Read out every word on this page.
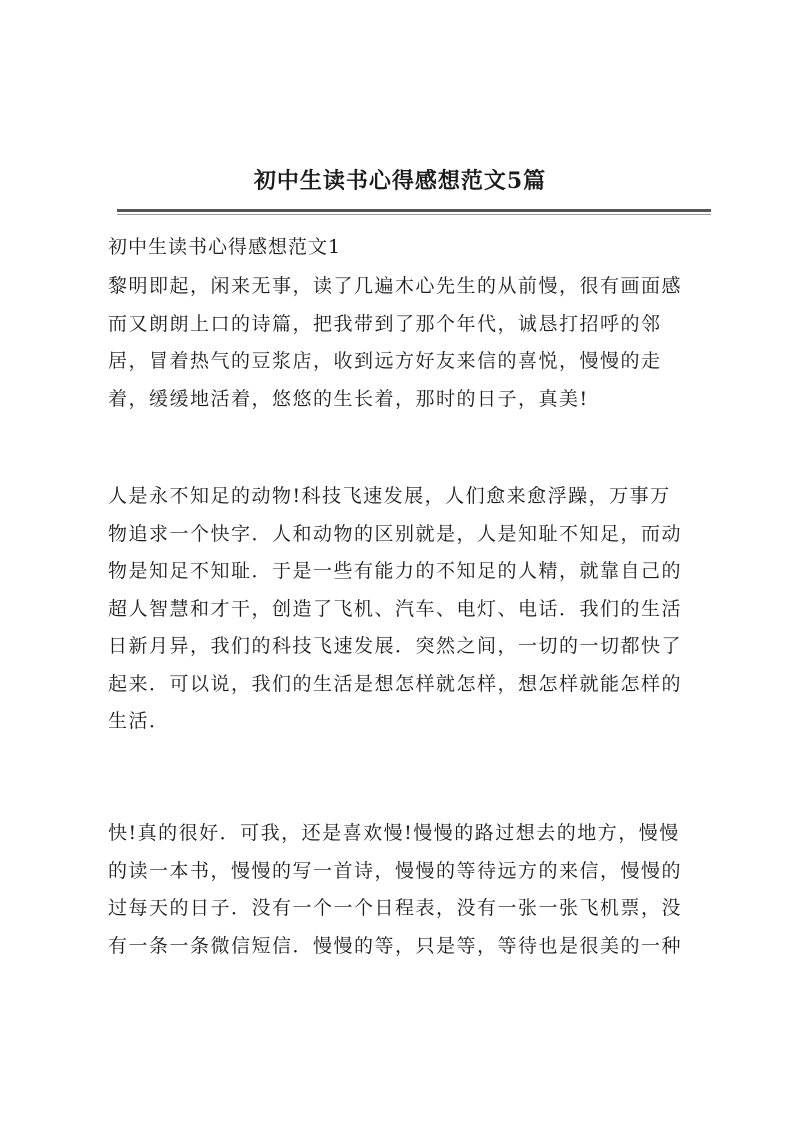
初中生读书心得感想范文5篇
初中生读书心得感想范文1
黎明即起，闲来无事，读了几遍木心先生的从前慢，很有画面感
而又朗朗上口的诗篇，把我带到了那个年代，诚恳打招呼的邻
居，冒着热气的豆浆店，收到远方好友来信的喜悦，慢慢的走
着，缓缓地活着，悠悠的生长着，那时的日子，真美!
人是永不知足的动物!科技飞速发展，人们愈来愈浮躁，万事万
物追求一个快字．人和动物的区别就是，人是知耻不知足，而动
物是知足不知耻．于是一些有能力的不知足的人精，就靠自己的
超人智慧和才干，创造了飞机、汽车、电灯、电话．我们的生活
日新月异，我们的科技飞速发展．突然之间，一切的一切都快了
起来．可以说，我们的生活是想怎样就怎样，想怎样就能怎样的
生活．
快!真的很好．可我，还是喜欢慢!慢慢的路过想去的地方，慢慢
的读一本书，慢慢的写一首诗，慢慢的等待远方的来信，慢慢的
过每天的日子．没有一个一个日程表，没有一张一张飞机票，没
有一条一条微信短信．慢慢的等，只是等，等待也是很美的一种
